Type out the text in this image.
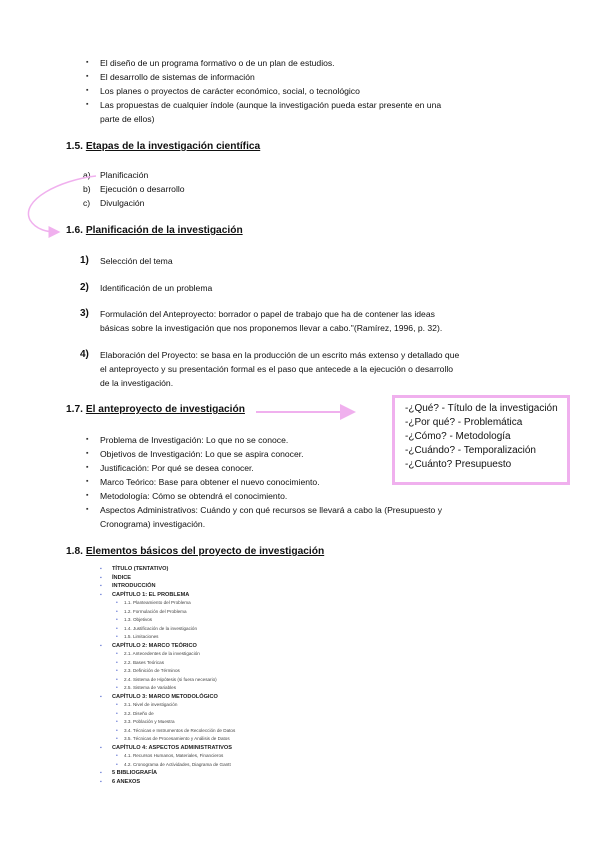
▪ El diseño de un programa formativo o de un plan de estudios.
▪ El desarrollo de sistemas de información
▪ Los planes o proyectos de carácter económico, social, o tecnológico
▪ Las propuestas de cualquier índole (aunque la investigación pueda estar presente en una
parte de ellos)
1.5. Etapas de la investigación científica
a) Planificación
b) Ejecución o desarrollo
c) Divulgación
1.6. Planificación de la investigación
1) Selección del tema
2) Identificación de un problema
3) Formulación del Anteproyecto: borrador o papel de trabajo que ha de contener las ideas
básicas sobre la investigación que nos proponemos llevar a cabo."(Ramírez, 1996, p. 32).
4) Elaboración del Proyecto: se basa en la producción de un escrito más extenso y detallado que
el anteproyecto y su presentación formal es el paso que antecede a la ejecución o desarrollo
de la investigación.
1.7. El anteproyecto de investigación
▪ Problema de Investigación: Lo que no se conoce.
▪ Objetivos de Investigación: Lo que se aspira conocer.
▪ Justificación: Por qué se desea conocer.
▪ Marco Teórico: Base para obtener el nuevo conocimiento.
▪ Metodología: Cómo se obtendrá el conocimiento.
▪ Aspectos Administrativos: Cuándo y con qué recursos se llevará a cabo la (Presupuesto y
Cronograma) investigación.
-¿Qué? - Título de la investigación
-¿Por qué? - Problemática
-¿Cómo? - Metodología
-¿Cuándo? - Temporalización
-¿Cuánto? Presupuesto
1.8. Elementos básicos del proyecto de investigación
▪ TÍTULO (TENTATIVO)
▪ ÍNDICE
▪ INTRODUCCIÓN
▪ CAPÍTULO 1: EL PROBLEMA
• 1.1. Planteamiento del Problema
• 1.2. Formulación del Problema
• 1.3. Objetivos
• 1.4. Justificación de la investigación
• 1.5. Limitaciones
▪ CAPÍTULO 2: MARCO TEÓRICO
• 2.1. Antecedentes de la investigación
• 2.2. Bases Teóricas
• 2.3. Definición de Términos
• 2.4. Sistema de Hipótesis (si fuera necesario)
• 2.5. Sistema de Variables
▪ CAPÍTULO 3: MARCO METODOLÓGICO
• 3.1. Nivel de investigación
• 3.2. Diseño de
• 3.3. Población y Muestra
• 3.4. Técnicas e Instrumentos de Recolección de Datos
• 3.5. Técnicas de Procesamiento y Análisis de Datos
▪ CAPÍTULO 4: ASPECTOS ADMINISTRATIVOS
• 4.1. Recursos Humanos, Materiales, Financieros
• 4.2. Cronograma de Actividades, Diagrama de Gantt
▪ 5 BIBLIOGRAFÍA
▪ 6 ANEXOS
